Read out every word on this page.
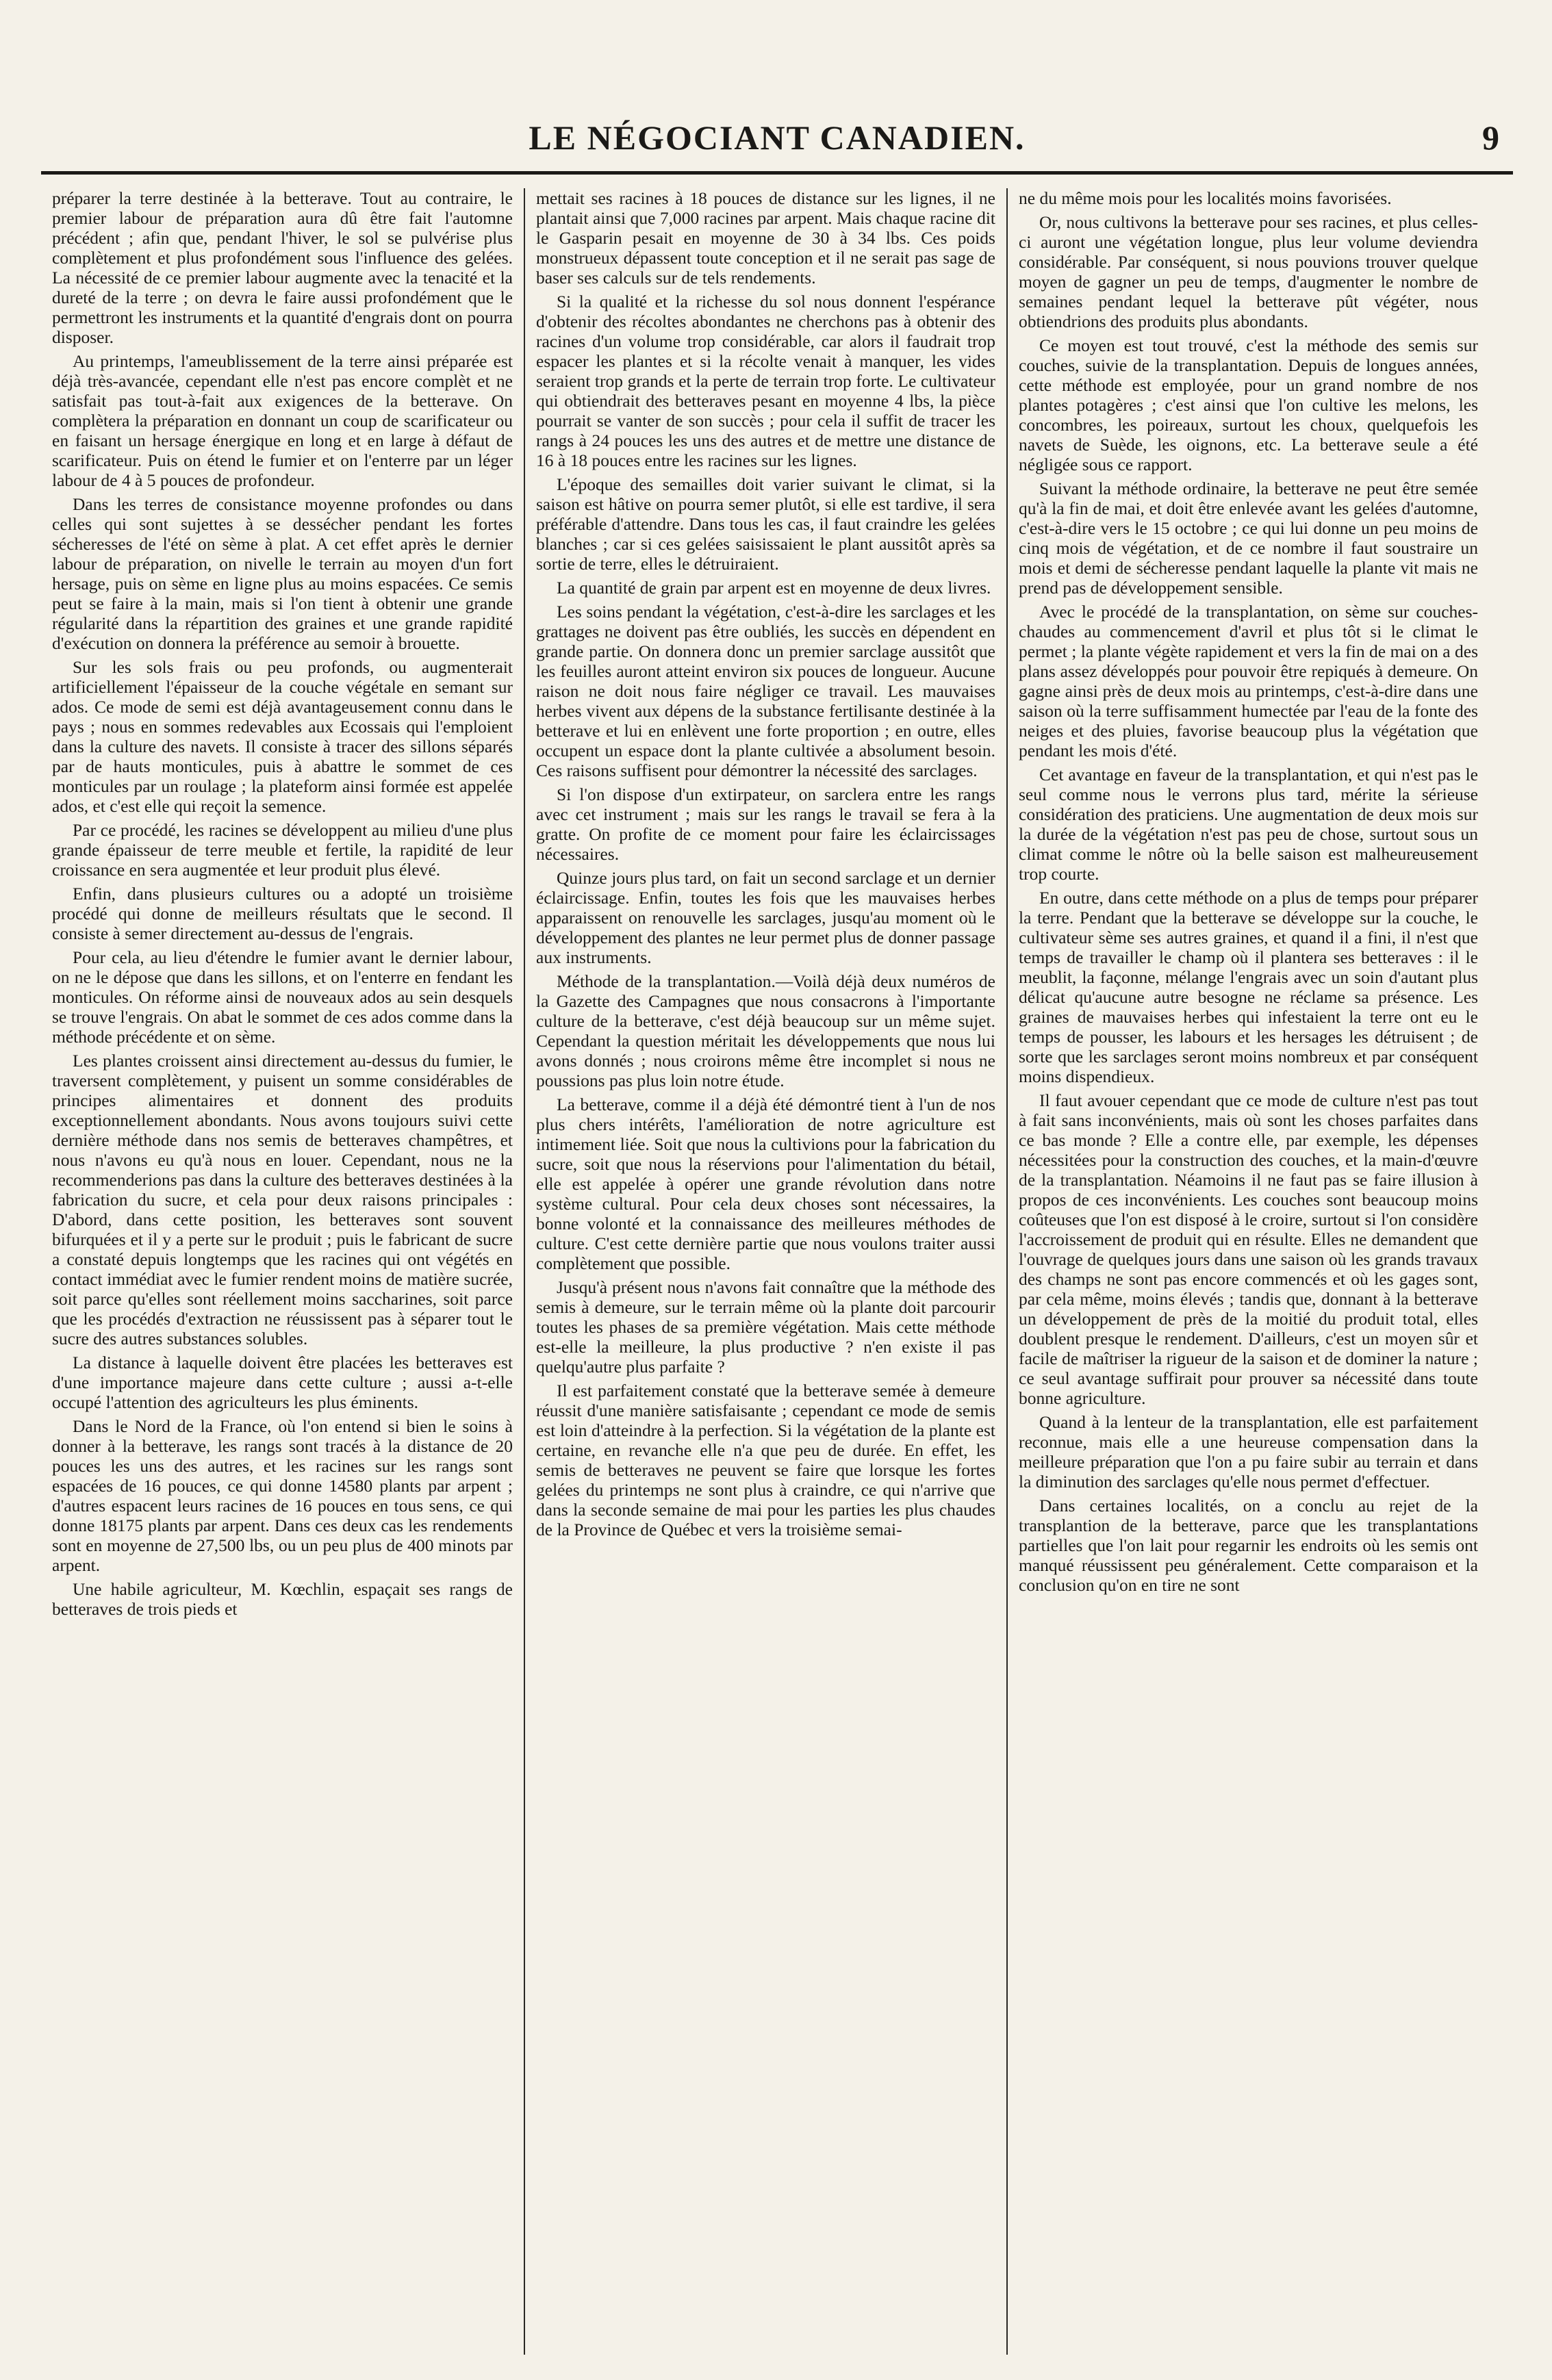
LE NÉGOCIANT CANADIEN.	9

préparer la terre destinée à la betterave. Tout au contraire, le premier labour de préparation aura dû être fait l'automne précédent ; afin que, pendant l'hiver, le sol se pulvérise plus complètement et plus profondément sous l'influence des gelées. La nécessité de ce premier labour augmente avec la tenacité et la dureté de la terre ; on devra le faire aussi profondément que le permettront les instruments et la quantité d'engrais dont on pourra disposer.

Au printemps, l'ameublissement de la terre ainsi préparée est déjà très-avancée, cependant elle n'est pas encore complèt et ne satisfait pas tout-à-fait aux exigences de la betterave. On complètera la préparation en donnant un coup de scarificateur ou en faisant un hersage énergique en long et en large à défaut de scarificateur. Puis on étend le fumier et on l'enterre par un léger labour de 4 à 5 pouces de profondeur.

Dans les terres de consistance moyenne profondes ou dans celles qui sont sujettes à se dessécher pendant les fortes sécheresses de l'été on sème à plat. A cet effet après le dernier labour de préparation, on nivelle le terrain au moyen d'un fort hersage, puis on sème en ligne plus au moins espacées. Ce semis peut se faire à la main, mais si l'on tient à obtenir une grande régularité dans la répartition des graines et une grande rapidité d'exécution on donnera la préférence au semoir à brouette.

Sur les sols frais ou peu profonds, ou augmenterait artificiellement l'épaisseur de la couche végétale en semant sur ados. Ce mode de semi est déjà avantageusement connu dans le pays ; nous en sommes redevables aux Ecossais qui l'emploient dans la culture des navets. Il consiste à tracer des sillons séparés par de hauts monticules, puis à abattre le sommet de ces monticules par un roulage ; la plateform ainsi formée est appelée ados, et c'est elle qui reçoit la semence.

Par ce procédé, les racines se développent au milieu d'une plus grande épaisseur de terre meuble et fertile, la rapidité de leur croissance en sera augmentée et leur produit plus élevé.

Enfin, dans plusieurs cultures ou a adopté un troisième procédé qui donne de meilleurs résultats que le second. Il consiste à semer directement au-dessus de l'engrais.

Pour cela, au lieu d'étendre le fumier avant le dernier labour, on ne le dépose que dans les sillons, et on l'enterre en fendant les monticules. On réforme ainsi de nouveaux ados au sein desquels se trouve l'engrais. On abat le sommet de ces ados comme dans la méthode précédente et on sème.

Les plantes croissent ainsi directement au-dessus du fumier, le traversent complètement, y puisent un somme considérables de principes alimentaires et donnent des produits exceptionnellement abondants. Nous avons toujours suivi cette dernière méthode dans nos semis de betteraves champêtres, et nous n'avons eu qu'à nous en louer. Cependant, nous ne la recommenderions pas dans la culture des betteraves destinées à la fabrication du sucre, et cela pour deux raisons principales : D'abord, dans cette position, les betteraves sont souvent bifurquées et il y a perte sur le produit ; puis le fabricant de sucre a constaté depuis longtemps que les racines qui ont végétés en contact immédiat avec le fumier rendent moins de matière sucrée, soit parce qu'elles sont réellement moins saccharines, soit parce que les procédés d'extraction ne réussissent pas à séparer tout le sucre des autres substances solubles.

La distance à laquelle doivent être placées les betteraves est d'une importance majeure dans cette culture ; aussi a-t-elle occupé l'attention des agriculteurs les plus éminents.

Dans le Nord de la France, où l'on entend si bien le soins à donner à la betterave, les rangs sont tracés à la distance de 20 pouces les uns des autres, et les racines sur les rangs sont espacées de 16 pouces, ce qui donne 14580 plants par arpent ; d'autres espacent leurs racines de 16 pouces en tous sens, ce qui donne 18175 plants par arpent. Dans ces deux cas les rendements sont en moyenne de 27,500 lbs, ou un peu plus de 400 minots par arpent.

Une habile agriculteur, M. Kœchlin, espaçait ses rangs de betteraves de trois pieds et

mettait ses racines à 18 pouces de distance sur les lignes, il ne plantait ainsi que 7,000 racines par arpent. Mais chaque racine dit le Gasparin pesait en moyenne de 30 à 34 lbs. Ces poids monstrueux dépassent toute conception et il ne serait pas sage de baser ses calculs sur de tels rendements.

Si la qualité et la richesse du sol nous donnent l'espérance d'obtenir des récoltes abondantes ne cherchons pas à obtenir des racines d'un volume trop considérable, car alors il faudrait trop espacer les plantes et si la récolte venait à manquer, les vides seraient trop grands et la perte de terrain trop forte. Le cultivateur qui obtiendrait des betteraves pesant en moyenne 4 lbs, la pièce pourrait se vanter de son succès ; pour cela il suffit de tracer les rangs à 24 pouces les uns des autres et de mettre une distance de 16 à 18 pouces entre les racines sur les lignes.

L'époque des semailles doit varier suivant le climat, si la saison est hâtive on pourra semer plutôt, si elle est tardive, il sera préférable d'attendre. Dans tous les cas, il faut craindre les gelées blanches ; car si ces gelées saisissaient le plant aussitôt après sa sortie de terre, elles le détruiraient.

La quantité de grain par arpent est en moyenne de deux livres.

Les soins pendant la végétation, c'est-à-dire les sarclages et les grattages ne doivent pas être oubliés, les succès en dépendent en grande partie. On donnera donc un premier sarclage aussitôt que les feuilles auront atteint environ six pouces de longueur. Aucune raison ne doit nous faire négliger ce travail. Les mauvaises herbes vivent aux dépens de la substance fertilisante destinée à la betterave et lui en enlèvent une forte proportion ; en outre, elles occupent un espace dont la plante cultivée a absolument besoin. Ces raisons suffisent pour démontrer la nécessité des sarclages.

Si l'on dispose d'un extirpateur, on sarclera entre les rangs avec cet instrument ; mais sur les rangs le travail se fera à la gratte. On profite de ce moment pour faire les éclaircissages nécessaires.

Quinze jours plus tard, on fait un second sarclage et un dernier éclaircissage. Enfin, toutes les fois que les mauvaises herbes apparaissent on renouvelle les sarclages, jusqu'au moment où le développement des plantes ne leur permet plus de donner passage aux instruments.

Méthode de la transplantation.—Voilà déjà deux numéros de la Gazette des Campagnes que nous consacrons à l'importante culture de la betterave, c'est déjà beaucoup sur un même sujet. Cependant la question méritait les développements que nous lui avons donnés ; nous croirons même être incomplet si nous ne poussions pas plus loin notre étude.

La betterave, comme il a déjà été démontré tient à l'un de nos plus chers intérêts, l'amélioration de notre agriculture est intimement liée. Soit que nous la cultivions pour la fabrication du sucre, soit que nous la réservions pour l'alimentation du bétail, elle est appelée à opérer une grande révolution dans notre système cultural. Pour cela deux choses sont nécessaires, la bonne volonté et la connaissance des meilleures méthodes de culture. C'est cette dernière partie que nous voulons traiter aussi complètement que possible.

Jusqu'à présent nous n'avons fait connaître que la méthode des semis à demeure, sur le terrain même où la plante doit parcourir toutes les phases de sa première végétation. Mais cette méthode est-elle la meilleure, la plus productive ? n'en existe il pas quelqu'autre plus parfaite ?

Il est parfaitement constaté que la betterave semée à demeure réussit d'une manière satisfaisante ; cependant ce mode de semis est loin d'atteindre à la perfection. Si la végétation de la plante est certaine, en revanche elle n'a que peu de durée. En effet, les semis de betteraves ne peuvent se faire que lorsque les fortes gelées du printemps ne sont plus à craindre, ce qui n'arrive que dans la seconde semaine de mai pour les parties les plus chaudes de la Province de Québec et vers la troisième semai-

ne du même mois pour les localités moins favorisées.

Or, nous cultivons la betterave pour ses racines, et plus celles-ci auront une végétation longue, plus leur volume deviendra considérable. Par conséquent, si nous pouvions trouver quelque moyen de gagner un peu de temps, d'augmenter le nombre de semaines pendant lequel la betterave pût végéter, nous obtiendrions des produits plus abondants.

Ce moyen est tout trouvé, c'est la méthode des semis sur couches, suivie de la transplantation. Depuis de longues années, cette méthode est employée, pour un grand nombre de nos plantes potagères ; c'est ainsi que l'on cultive les melons, les concombres, les poireaux, surtout les choux, quelquefois les navets de Suède, les oignons, etc. La betterave seule a été négligée sous ce rapport.

Suivant la méthode ordinaire, la betterave ne peut être semée qu'à la fin de mai, et doit être enlevée avant les gelées d'automne, c'est-à-dire vers le 15 octobre ; ce qui lui donne un peu moins de cinq mois de végétation, et de ce nombre il faut soustraire un mois et demi de sécheresse pendant laquelle la plante vit mais ne prend pas de développement sensible.

Avec le procédé de la transplantation, on sème sur couches-chaudes au commencement d'avril et plus tôt si le climat le permet ; la plante végète rapidement et vers la fin de mai on a des plans assez développés pour pouvoir être repiqués à demeure. On gagne ainsi près de deux mois au printemps, c'est-à-dire dans une saison où la terre suffisamment humectée par l'eau de la fonte des neiges et des pluies, favorise beaucoup plus la végétation que pendant les mois d'été.

Cet avantage en faveur de la transplantation, et qui n'est pas le seul comme nous le verrons plus tard, mérite la sérieuse considération des praticiens. Une augmentation de deux mois sur la durée de la végétation n'est pas peu de chose, surtout sous un climat comme le nôtre où la belle saison est malheureusement trop courte.

En outre, dans cette méthode on a plus de temps pour préparer la terre. Pendant que la betterave se développe sur la couche, le cultivateur sème ses autres graines, et quand il a fini, il n'est que temps de travailler le champ où il plantera ses betteraves : il le meublit, la façonne, mélange l'engrais avec un soin d'autant plus délicat qu'aucune autre besogne ne réclame sa présence. Les graines de mauvaises herbes qui infestaient la terre ont eu le temps de pousser, les labours et les hersages les détruisent ; de sorte que les sarclages seront moins nombreux et par conséquent moins dispendieux.

Il faut avouer cependant que ce mode de culture n'est pas tout à fait sans inconvénients, mais où sont les choses parfaites dans ce bas monde ? Elle a contre elle, par exemple, les dépenses nécessitées pour la construction des couches, et la main-d'œuvre de la transplantation. Néamoins il ne faut pas se faire illusion à propos de ces inconvénients. Les couches sont beaucoup moins coûteuses que l'on est disposé à le croire, surtout si l'on considère l'accroissement de produit qui en résulte. Elles ne demandent que l'ouvrage de quelques jours dans une saison où les grands travaux des champs ne sont pas encore commencés et où les gages sont, par cela même, moins élevés ; tandis que, donnant à la betterave un développement de près de la moitié du produit total, elles doublent presque le rendement. D'ailleurs, c'est un moyen sûr et facile de maîtriser la rigueur de la saison et de dominer la nature ; ce seul avantage suffirait pour prouver sa nécessité dans toute bonne agriculture.

Quand à la lenteur de la transplantation, elle est parfaitement reconnue, mais elle a une heureuse compensation dans la meilleure préparation que l'on a pu faire subir au terrain et dans la diminution des sarclages qu'elle nous permet d'effectuer.

Dans certaines localités, on a conclu au rejet de la transplantion de la betterave, parce que les transplantations partielles que l'on lait pour regarnir les endroits où les semis ont manqué réussissent peu généralement. Cette comparaison et la conclusion qu'on en tire ne sont
